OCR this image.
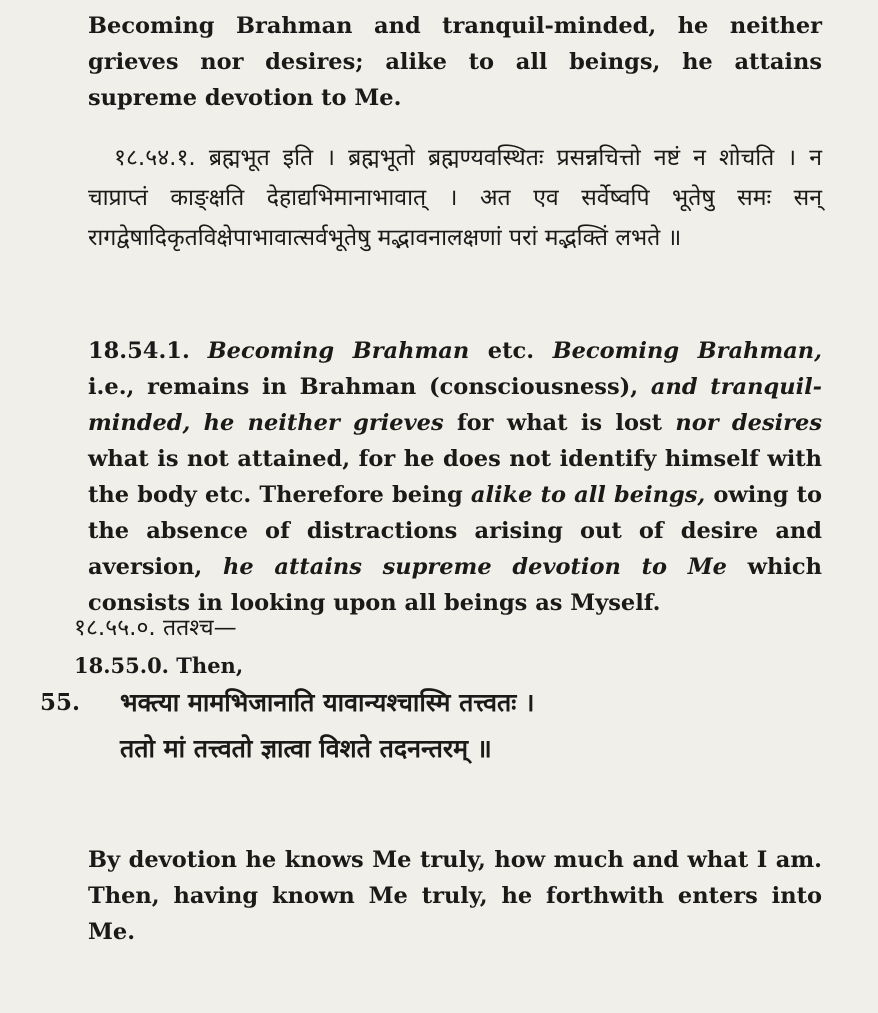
Becoming Brahman and tranquil-minded, he neither grieves nor desires; alike to all beings, he attains supreme devotion to Me.

१८.५४.१. ब्रह्मभूत इति । ब्रह्मभूतो ब्रह्मण्यवस्थितः प्रसन्नचित्तो नष्टं न शोचति । न चाप्राप्तं काङ्क्षति देहाद्यभिमानाभावात् । अत एव सर्वेष्वपि भूतेषु समः सन् रागद्वेषादिकृतविक्षेपाभावात्सर्वभूतेषु मद्भावनालक्षणां परां मद्भक्तिं लभते ॥

18.54.1. Becoming Brahman etc. Becoming Brahman, i.e., remains in Brahman (consciousness), and tranquil-minded, he neither grieves for what is lost nor desires what is not attained, for he does not identify himself with the body etc. Therefore being alike to all beings, owing to the absence of distractions arising out of desire and aversion, he attains supreme devotion to Me which consists in looking upon all beings as Myself.

१८.५५.०. ततश्च—
18.55.0. Then,
55. भक्त्या मामभिजानाति यावान्यश्चास्मि तत्त्वतः ।
ततो मां तत्त्वतो ज्ञात्वा विशते तदनन्तरम् ॥

By devotion he knows Me truly, how much and what I am. Then, having known Me truly, he forthwith enters into Me.
